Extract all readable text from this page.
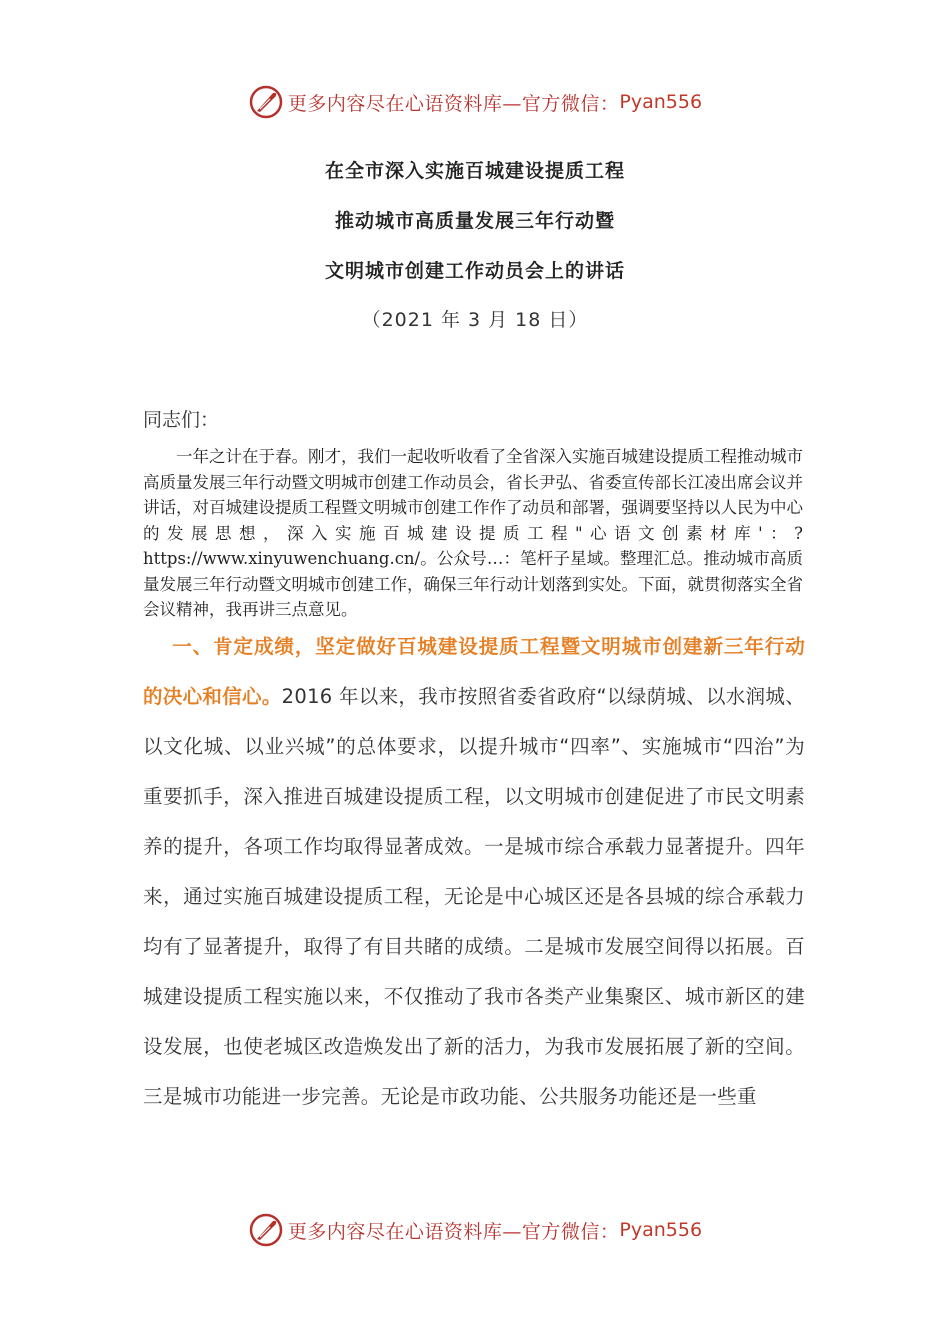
更多内容尽在心语资料库—官方微信： Pyan556
在全市深入实施百城建设提质工程
推动城市高质量发展三年行动暨
文明城市创建工作动员会上的讲话
（2021 年 3 月 18 日）
同志们：
一年之计在于春。刚才，我们一起收听收看了全省深入实施百城建设提质工程推动城市高质量发展三年行动暨文明城市创建工作动员会，省长尹弘、省委宣传部长江凌出席会议并讲话，对百城建设提质工程暨文明城市创建工作作了动员和部署，强调要坚持以人民为中心的发展思想，深入实施百城建设提质工程"心语文创素材库'：?https://www.xinyuwenchuang.cn/。公众号…：笔杆子星域。整理汇总。推动城市高质量发展三年行动暨文明城市创建工作，确保三年行动计划落到实处。下面，就贯彻落实全省会议精神，我再讲三点意见。
一、肯定成绩，坚定做好百城建设提质工程暨文明城市创建新三年行动的决心和信心。2016 年以来，我市按照省委省政府“以绿荫城、以水润城、以文化城、以业兴城”的总体要求，以提升城市“四率”、实施城市“四治”为重要抓手，深入推进百城建设提质工程，以文明城市创建促进了市民文明素养的提升，各项工作均取得显著成效。一是城市综合承载力显著提升。四年来，通过实施百城建设提质工程，无论是中心城区还是各县城的综合承载力均有了显著提升，取得了有目共睹的成绩。二是城市发展空间得以拓展。百城建设提质工程实施以来，不仅推动了我市各类产业集聚区、城市新区的建设发展，也使老城区改造焕发出了新的活力，为我市发展拓展了新的空间。三是城市功能进一步完善。无论是市政功能、公共服务功能还是一些重
更多内容尽在心语资料库—官方微信： Pyan556
